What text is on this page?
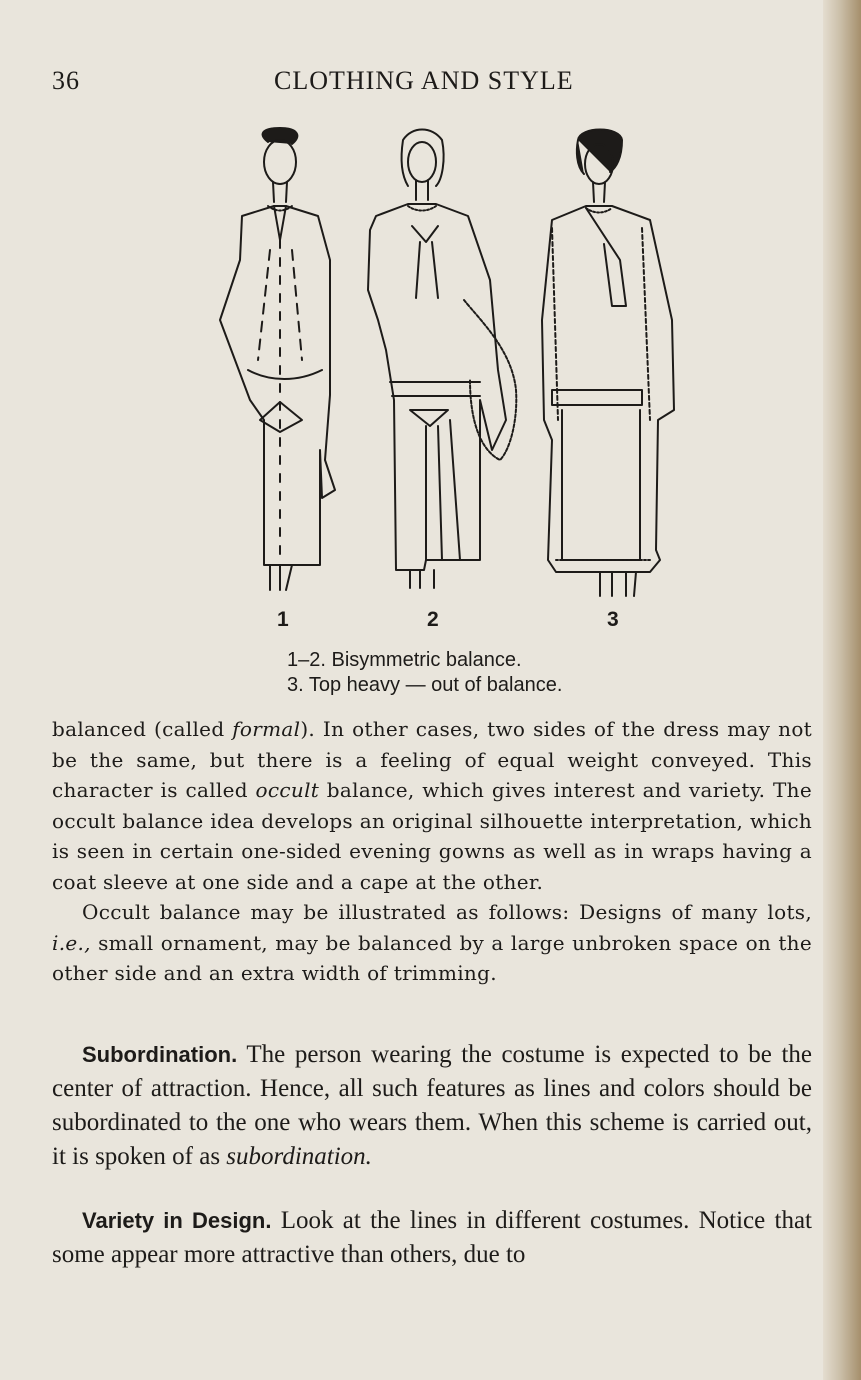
36	CLOTHING AND STYLE
1	2	3
1–2. Bisymmetric balance.
3. Top heavy — out of balance.

balanced (called formal). In other cases, two sides of the dress may not be the same, but there is a feeling of equal weight conveyed. This character is called occult balance, which gives interest and variety. The occult balance idea develops an original silhouette interpretation, which is seen in certain one-sided evening gowns as well as in wraps having a coat sleeve at one side and a cape at the other.

Occult balance may be illustrated as follows: Designs of many lots, i.e., small ornament, may be balanced by a large unbroken space on the other side and an extra width of trimming.

Subordination. The person wearing the costume is expected to be the center of attraction. Hence, all such features as lines and colors should be subordinated to the one who wears them. When this scheme is carried out, it is spoken of as subordination.

Variety in Design. Look at the lines in different costumes. Notice that some appear more attractive than others, due to
